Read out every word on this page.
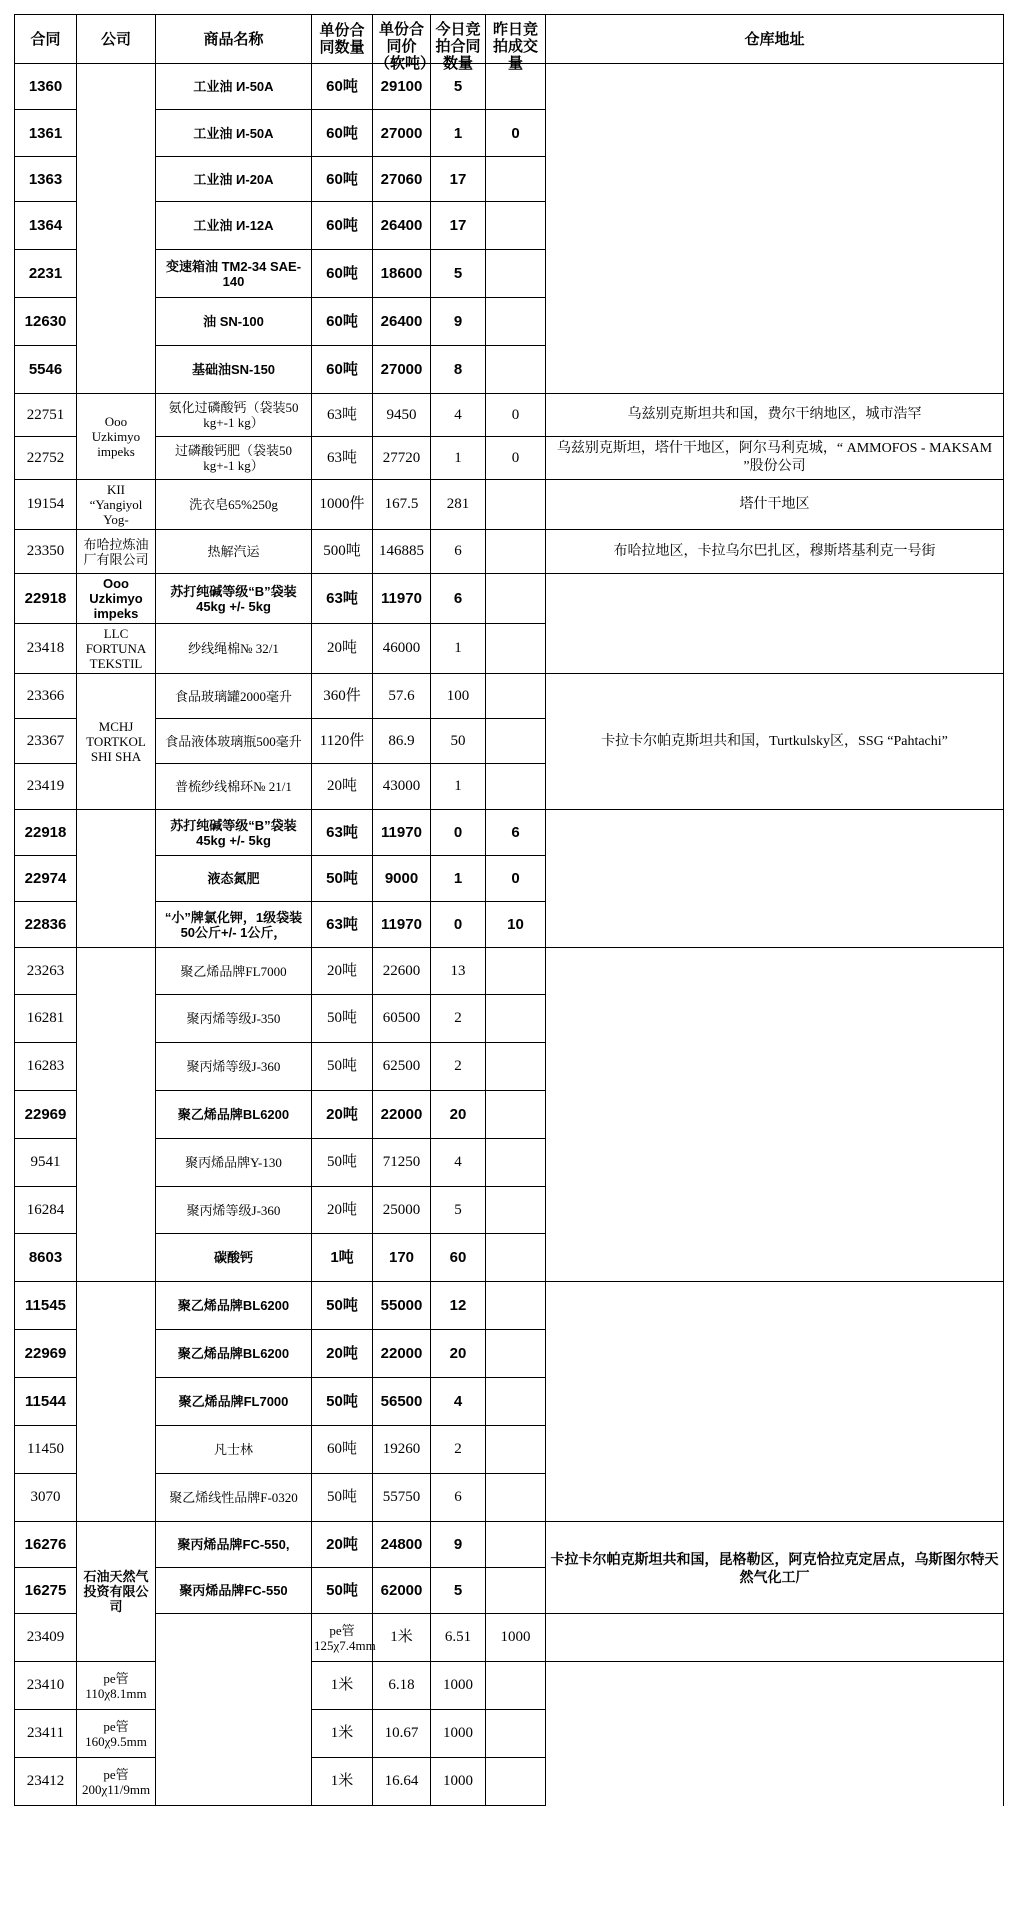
合同	公司	商品名称	单份合同数量	单份合同价（软吨）	今日竞拍合同数量	昨日竞拍成交量	仓库地址	

1360		工业油 И-50А	60吨	29100	5			
1361		工业油 И-50А	60吨	27000	1	0		
1363		工业油 И-20А	60吨	27060	17			
1364		工业油 И-12А	60吨	26400	17			
2231		变速箱油 ТМ2-34 SAE-140	60吨	18600	5			
12630		油 SN-100	60吨	26400	9			
5546		基础油SN-150	60吨	27000	8			
22751	Ooo Uzkimyo impeks	氨化过磷酸钙（袋装50 kg+-1 kg）	63吨	9450	4	0	乌兹别克斯坦共和国，费尔干纳地区，城市浩罕	
22752		过磷酸钙肥（袋装50 kg+-1 kg）	63吨	27720	1	0	乌兹别克斯坦，塔什干地区，阿尔马利克城，“ AMMOFOS - MAKSAM ”股份公司	
19154	KII “Yangiyol Yog-	洗衣皂65%250g	1000件	167.5	281		塔什干地区	
23350	布哈拉炼油厂有限公司	热解汽运	500吨	146885	6		布哈拉地区，卡拉乌尔巴扎区，穆斯塔基利克一号街	
22918	Ooo Uzkimyo impeks	苏打纯碱等级“B”袋装45kg +/- 5kg	63吨	11970	6			
23418	LLC FORTUNA TEKSTIL	纱线绳棉№ 32/1	20吨	46000	1			
23366	MCHJ TORTKOL SHI SHA	食品玻璃罐2000毫升	360件	57.6	100		卡拉卡尔帕克斯坦共和国，Turtkulsky区，SSG “Pahtachi”	
23367		食品液体玻璃瓶500毫升	1120件	86.9	50			
23419		普梳纱线棉环№ 21/1	20吨	43000	1			
22918		苏打纯碱等级“B”袋装45kg +/- 5kg	63吨	11970	0	6		
22974		液态氮肥	50吨	9000	1	0		
22836		“小”牌氯化钾，1级袋装50公斤+/- 1公斤，	63吨	11970	0	10		
23263		聚乙烯品牌FL7000	20吨	22600	13			
16281		聚丙烯等级J-350	50吨	60500	2			
16283		聚丙烯等级J-360	50吨	62500	2			
22969		聚乙烯品牌BL6200	20吨	22000	20			
9541		聚丙烯品牌Y-130	50吨	71250	4			
16284		聚丙烯等级J-360	20吨	25000	5			
8603		碳酸钙	1吨	170	60			
11545		聚乙烯品牌BL6200	50吨	55000	12			
22969		聚乙烯品牌BL6200	20吨	22000	20			
11544		聚乙烯品牌FL7000	50吨	56500	4			
11450		凡士林	60吨	19260	2			
3070		聚乙烯线性品牌F-0320	50吨	55750	6			
16276	石油天然气投资有限公司	聚丙烯品牌FC-550,	20吨	24800	9		卡拉卡尔帕克斯坦共和国，昆格勒区，阿克恰拉克定居点，乌斯图尔特天然气化工厂	
16275		聚丙烯品牌FC-550	50吨	62000	5			
23409			pe管 125χ7.4mm	1米	6.51	1000		
23410	pe管 110χ8.1mm		1米	6.18	1000			
23411	pe管 160χ9.5mm		1米	10.67	1000			
23412	pe管 200χ11/9mm		1米	16.64	1000			
